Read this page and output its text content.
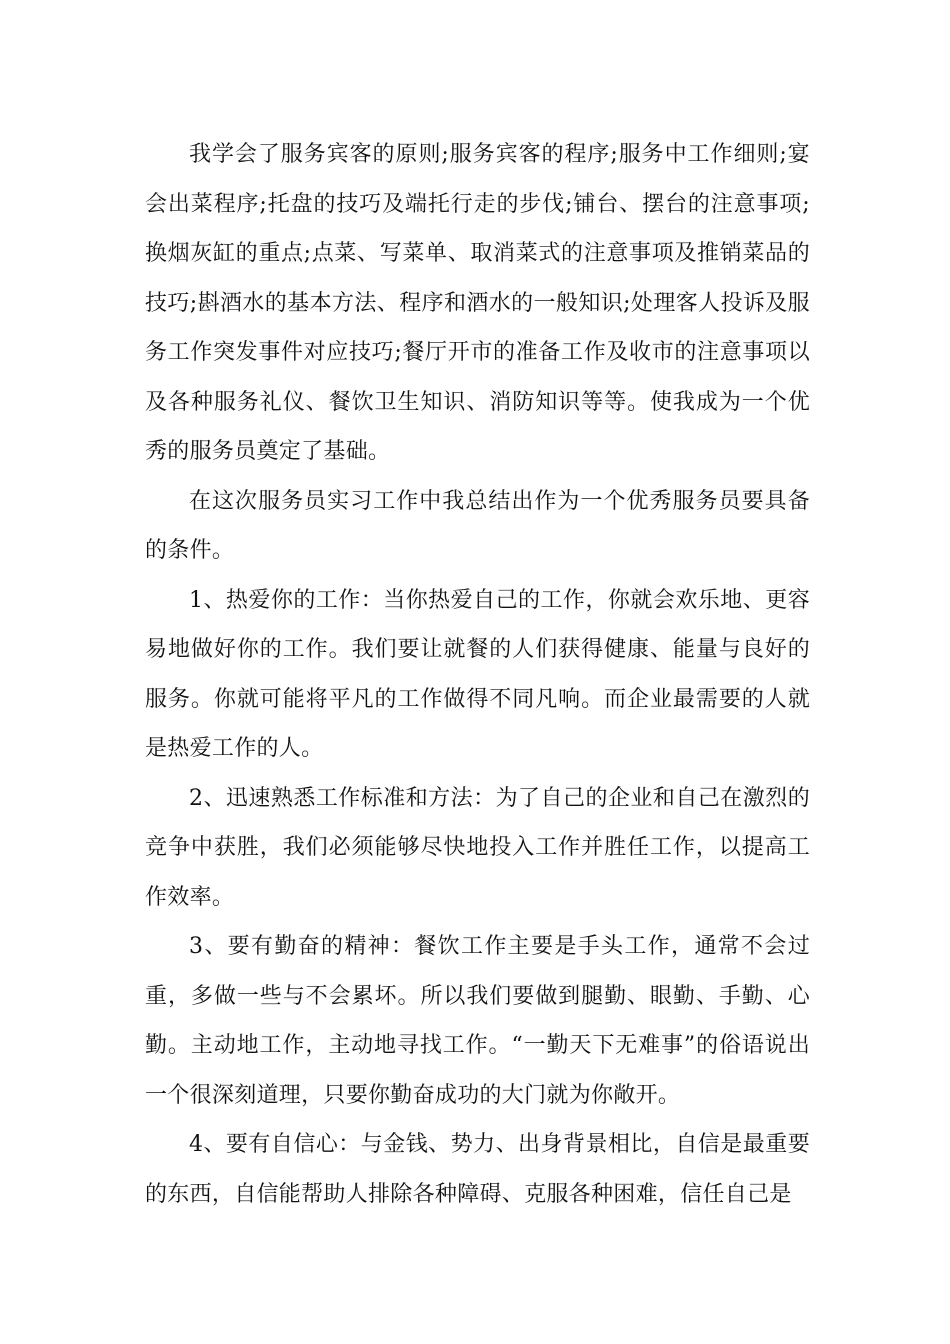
我学会了服务宾客的原则;服务宾客的程序;服务中工作细则;宴会出菜程序;托盘的技巧及端托行走的步伐;铺台、摆台的注意事项;换烟灰缸的重点;点菜、写菜单、取消菜式的注意事项及推销菜品的技巧;斟酒水的基本方法、程序和酒水的一般知识;处理客人投诉及服务工作突发事件对应技巧;餐厅开市的准备工作及收市的注意事项以及各种服务礼仪、餐饮卫生知识、消防知识等等。使我成为一个优秀的服务员奠定了基础。

在这次服务员实习工作中我总结出作为一个优秀服务员要具备的条件。

1、热爱你的工作：当你热爱自己的工作，你就会欢乐地、更容易地做好你的工作。我们要让就餐的人们获得健康、能量与良好的服务。你就可能将平凡的工作做得不同凡响。而企业最需要的人就是热爱工作的人。

2、迅速熟悉工作标准和方法：为了自己的企业和自己在激烈的竞争中获胜，我们必须能够尽快地投入工作并胜任工作，以提高工作效率。

3、要有勤奋的精神：餐饮工作主要是手头工作，通常不会过重，多做一些与不会累坏。所以我们要做到腿勤、眼勤、手勤、心勤。主动地工作，主动地寻找工作。“一勤天下无难事”的俗语说出一个很深刻道理，只要你勤奋成功的大门就为你敞开。

4、要有自信心：与金钱、势力、出身背景相比，自信是最重要的东西，自信能帮助人排除各种障碍、克服各种困难，信任自己是
